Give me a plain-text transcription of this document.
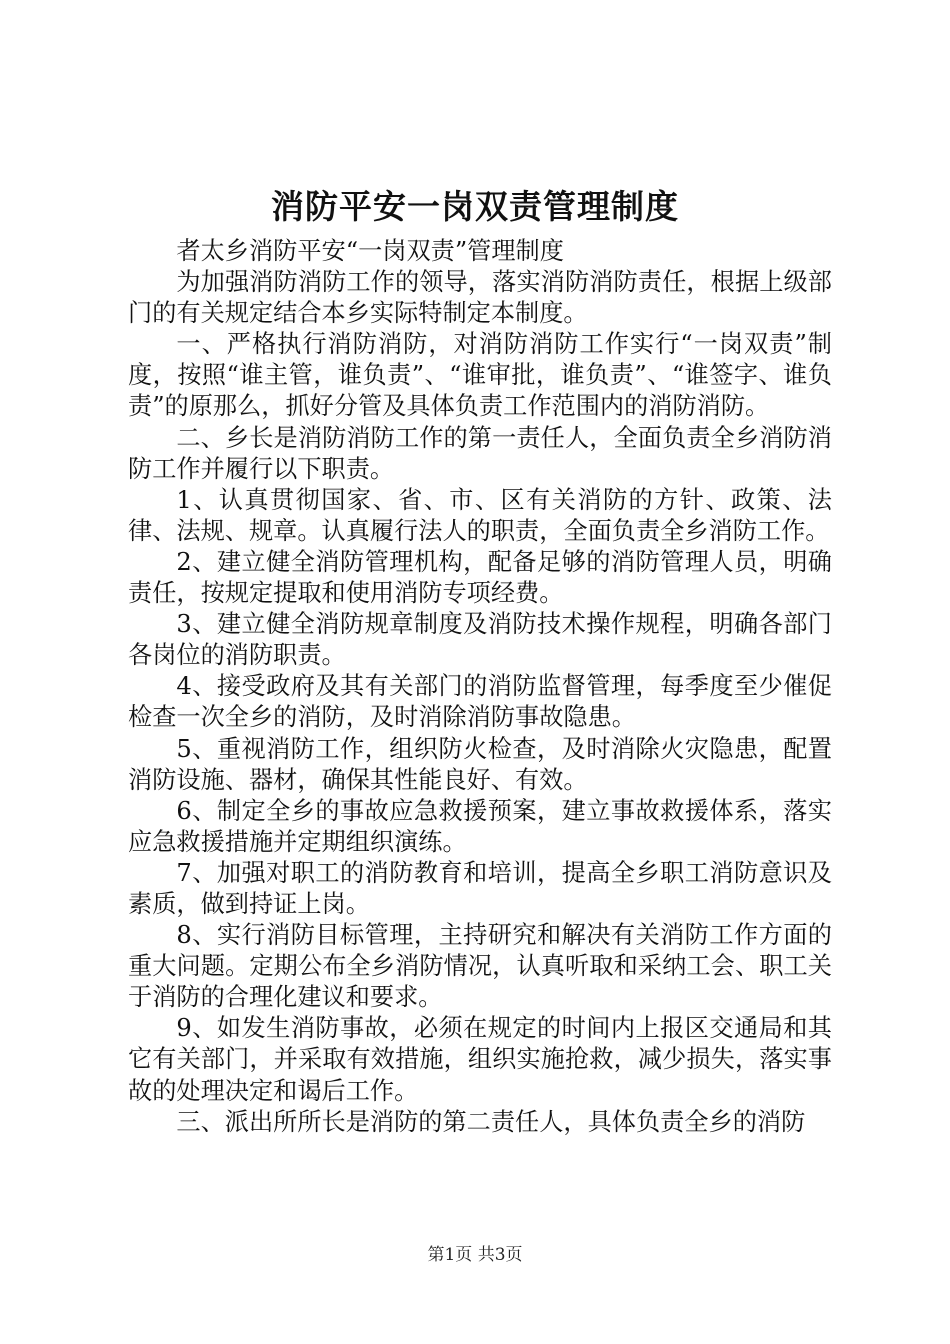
消防平安一岗双责管理制度

者太乡消防平安“一岗双责”管理制度

为加强消防消防工作的领导，落实消防消防责任，根据上级部门的有关规定结合本乡实际特制定本制度。

一、严格执行消防消防，对消防消防工作实行“一岗双责”制度，按照“谁主管，谁负责”、“谁审批，谁负责”、“谁签字、谁负责”的原那么，抓好分管及具体负责工作范围内的消防消防。

二、乡长是消防消防工作的第一责任人，全面负责全乡消防消防工作并履行以下职责。

1、认真贯彻国家、省、市、区有关消防的方针、政策、法律、法规、规章。认真履行法人的职责，全面负责全乡消防工作。

2、建立健全消防管理机构，配备足够的消防管理人员，明确责任，按规定提取和使用消防专项经费。

3、建立健全消防规章制度及消防技术操作规程，明确各部门各岗位的消防职责。

4、接受政府及其有关部门的消防监督管理，每季度至少催促检查一次全乡的消防，及时消除消防事故隐患。

5、重视消防工作，组织防火检查，及时消除火灾隐患，配置消防设施、器材，确保其性能良好、有效。

6、制定全乡的事故应急救援预案，建立事故救援体系，落实应急救援措施并定期组织演练。

7、加强对职工的消防教育和培训，提高全乡职工消防意识及素质，做到持证上岗。

8、实行消防目标管理，主持研究和解决有关消防工作方面的重大问题。定期公布全乡消防情况，认真听取和采纳工会、职工关于消防的合理化建议和要求。

9、如发生消防事故，必须在规定的时间内上报区交通局和其它有关部门，并采取有效措施，组织实施抢救，减少损失，落实事故的处理决定和谒后工作。

三、派出所所长是消防的第二责任人，具体负责全乡的消防

第1页 共3页
